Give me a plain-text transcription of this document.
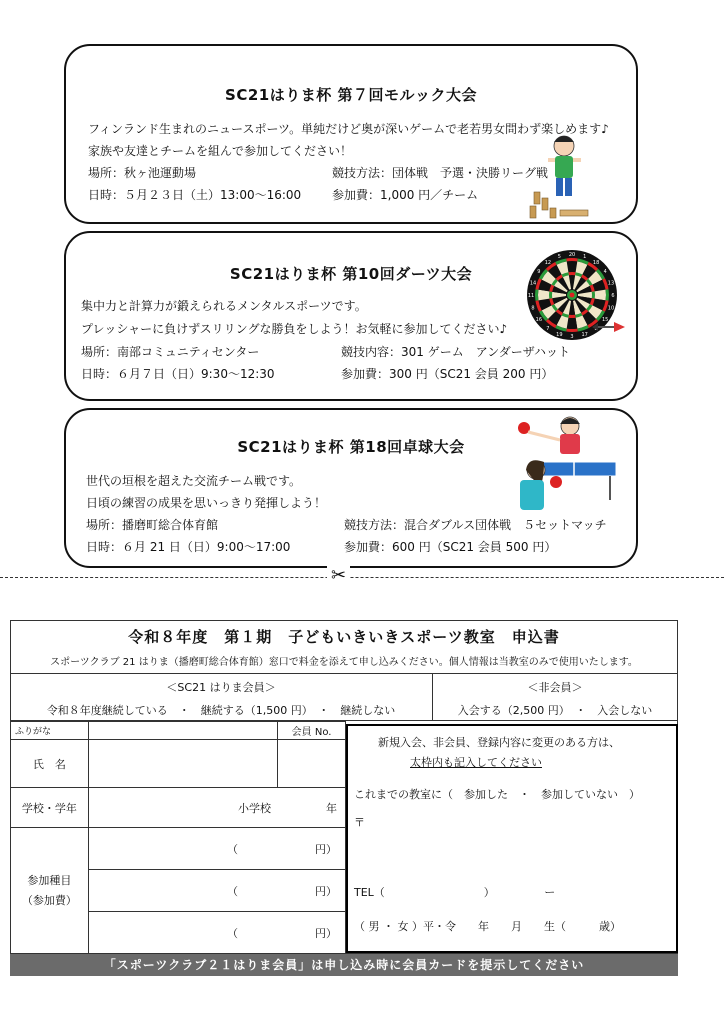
SC21はりま杯 第７回モルック大会
フィンランド生まれのニュースポーツ。単純だけど奥が深いゲームで老若男女問わず楽しめます♪
家族や友達とチームを組んで参加してください！
場所：秋ヶ池運動場	競技方法：団体戦　予選・決勝リーグ戦
日時：５月２３日（土）13:00～16:00	参加費：1,000 円／チーム
SC21はりま杯 第10回ダーツ大会
集中力と計算力が鍛えられるメンタルスポーツです。
プレッシャーに負けずスリリングな勝負をしよう！お気軽に参加してください♪
場所：南部コミュニティセンター	競技内容：301 ゲーム　アンダーザハット
日時：６月７日（日）9:30～12:30	参加費：300 円（SC21 会員 200 円）
20 1
18
4
13
6
10
15
17
3
19
7
16
8
11
14
9
12
5
SC21はりま杯 第18回卓球大会
世代の垣根を超えた交流チーム戦です。
日頃の練習の成果を思いっきり発揮しよう！
場所：播磨町総合体育館	競技方法：混合ダブルス団体戦　５セットマッチ
日時：６月 21 日（日）9:00～17:00	参加費：600 円（SC21 会員 500 円）
✂
令和８年度　第１期　子どもいきいきスポーツ教室　申込書
スポーツクラブ 21 はりま（播磨町総合体育館）窓口で料金を添えて申し込みください。個人情報は当教室のみで使用いたします。
＜SC21 はりま会員＞
令和８年度継続している　・　継続する（1,500 円）　・　継続しない
＜非会員＞
入会する（2,500 円）　・　入会しない
ふりがな		会員 No.
氏　名		
学校・学年	小学校　　　　　年	

参加種目
（参加費）	（　　　　　　　円）	
	（　　　　　　　円）	
	（　　　　　　　円）	
新規入会、非会員、登録内容に変更のある方は、
太枠内も記入してください
これまでの教室に（　参加した　・　参加していない　）
〒
TEL（　　　　　　　　　）　　　　　ー
（ 男 ・ 女 ）平・令　　年　　月　　生（　　　歳）
「スポーツクラブ２１はりま会員」は申し込み時に会員カードを提示してください
